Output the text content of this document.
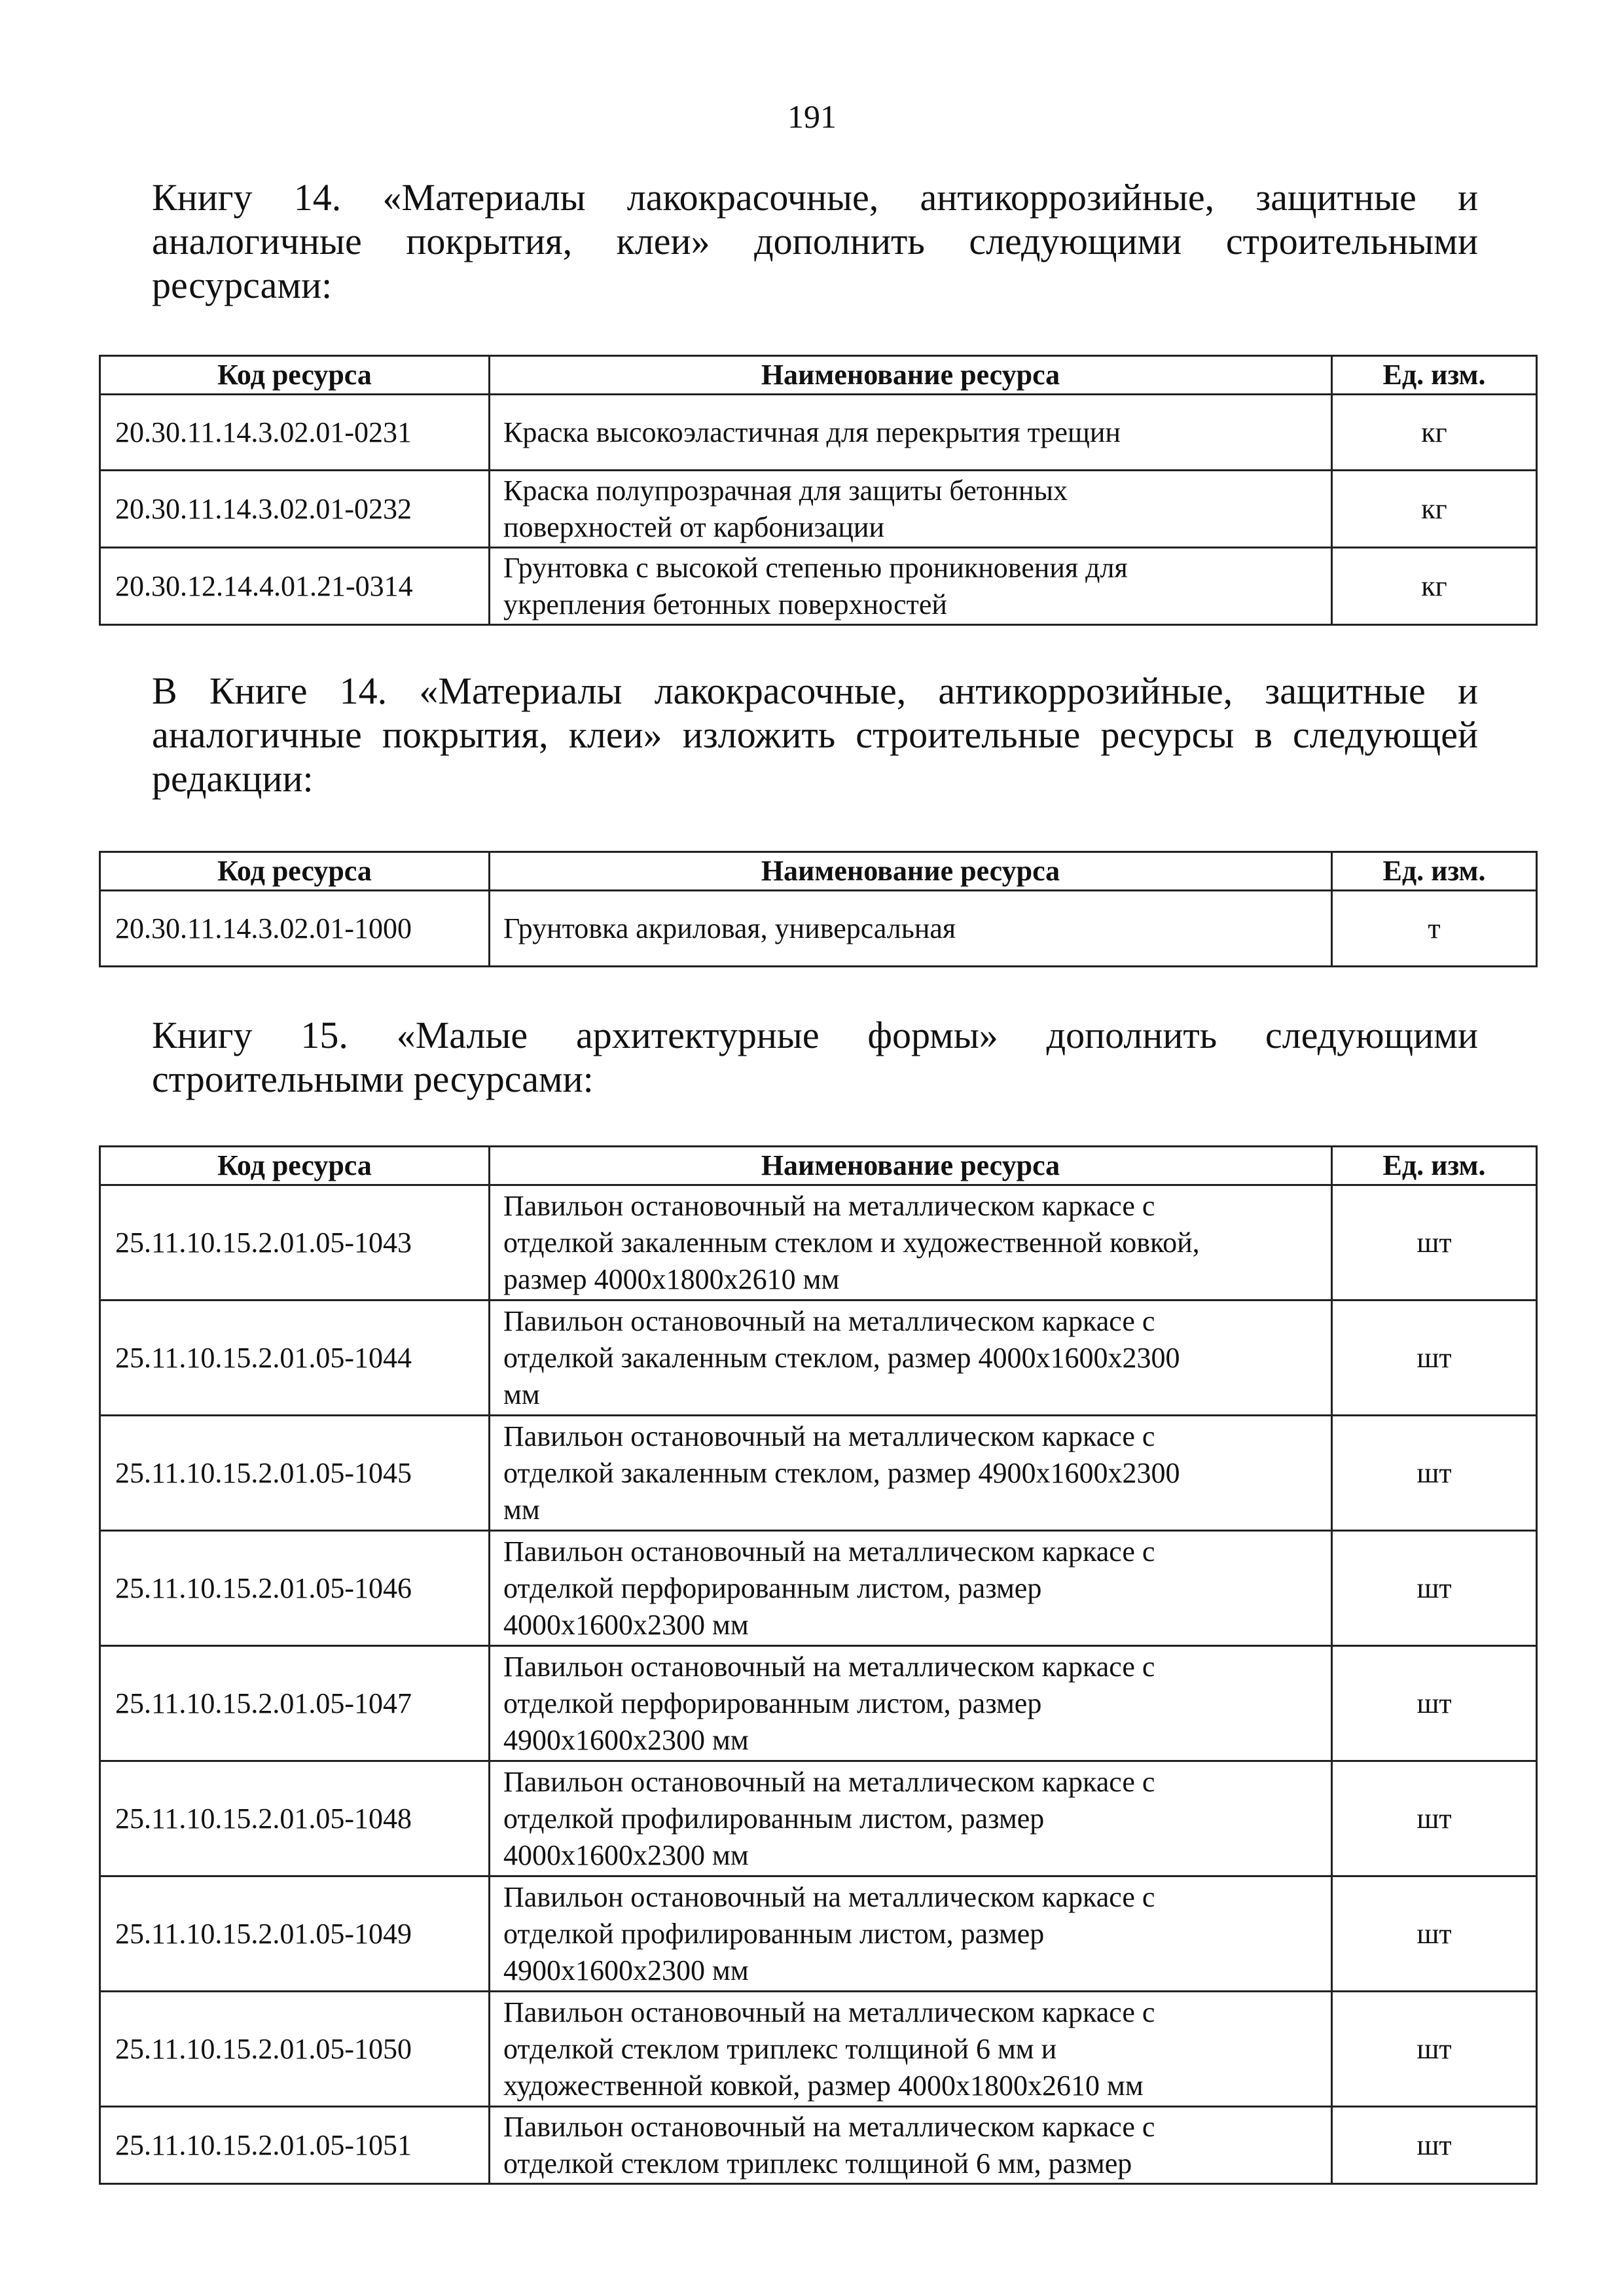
191
Книгу 14. «Материалы лакокрасочные, антикоррозийные, защитные и
аналогичные покрытия, клеи» дополнить следующими строительными
ресурсами:
Код ресурса	Наименование ресурса	Ед. изм.
20.30.11.14.3.02.01-0231	Краска высокоэластичная для перекрытия трещин	кг
20.30.11.14.3.02.01-0232	Краска полупрозрачная для защиты бетонных
поверхностей от карбонизации	кг
20.30.12.14.4.01.21-0314	Грунтовка с высокой степенью проникновения для
укрепления бетонных поверхностей	кг
В Книге 14. «Материалы лакокрасочные, антикоррозийные, защитные и
аналогичные покрытия, клеи» изложить строительные ресурсы в следующей
редакции:
Код ресурса	Наименование ресурса	Ед. изм.
20.30.11.14.3.02.01-1000	Грунтовка акриловая, универсальная	т
Книгу 15. «Малые архитектурные формы» дополнить следующими
строительными ресурсами:
Код ресурса	Наименование ресурса	Ед. изм.
25.11.10.15.2.01.05-1043	Павильон остановочный на металлическом каркасе с
отделкой закаленным стеклом и художественной ковкой,
размер 4000х1800х2610 мм	шт
25.11.10.15.2.01.05-1044	Павильон остановочный на металлическом каркасе с
отделкой закаленным стеклом, размер 4000х1600х2300
мм	шт
25.11.10.15.2.01.05-1045	Павильон остановочный на металлическом каркасе с
отделкой закаленным стеклом, размер 4900х1600х2300
мм	шт
25.11.10.15.2.01.05-1046	Павильон остановочный на металлическом каркасе с
отделкой перфорированным листом, размер
4000х1600х2300 мм	шт
25.11.10.15.2.01.05-1047	Павильон остановочный на металлическом каркасе с
отделкой перфорированным листом, размер
4900х1600х2300 мм	шт
25.11.10.15.2.01.05-1048	Павильон остановочный на металлическом каркасе с
отделкой профилированным листом, размер
4000х1600х2300 мм	шт
25.11.10.15.2.01.05-1049	Павильон остановочный на металлическом каркасе с
отделкой профилированным листом, размер
4900х1600х2300 мм	шт
25.11.10.15.2.01.05-1050	Павильон остановочный на металлическом каркасе с
отделкой стеклом триплекс толщиной 6 мм и
художественной ковкой, размер 4000х1800х2610 мм	шт
25.11.10.15.2.01.05-1051	Павильон остановочный на металлическом каркасе с
отделкой стеклом триплекс толщиной 6 мм, размер	шт
